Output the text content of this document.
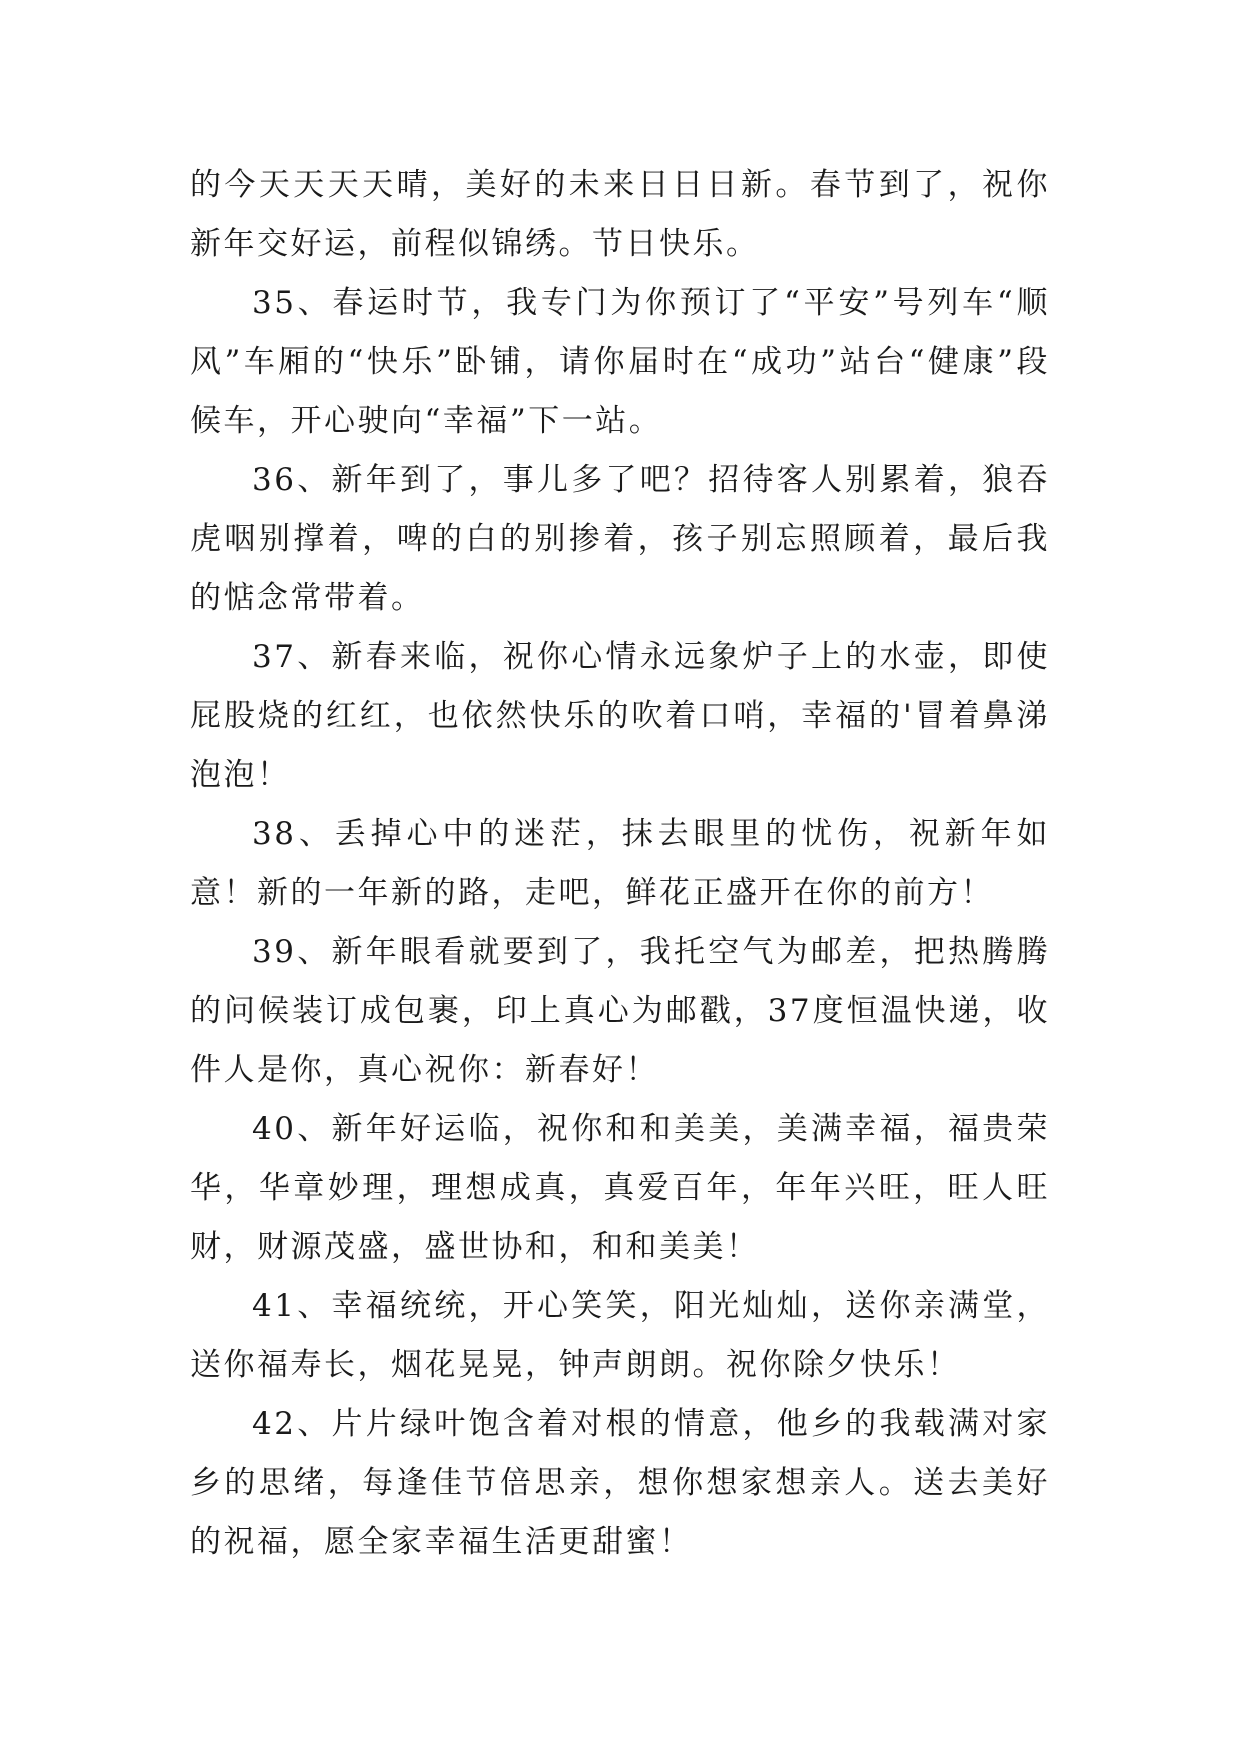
的今天天天天晴，美好的未来日日日新。春节到了，祝你新年交好运，前程似锦绣。节日快乐。

35、春运时节，我专门为你预订了“平安”号列车“顺风”车厢的“快乐”卧铺，请你届时在“成功”站台“健康”段候车，开心驶向“幸福”下一站。

36、新年到了，事儿多了吧？招待客人别累着，狼吞虎咽别撑着，啤的白的别掺着，孩子别忘照顾着，最后我的惦念常带着。

37、新春来临，祝你心情永远象炉子上的水壶，即使屁股烧的红红，也依然快乐的吹着口哨，幸福的'冒着鼻涕泡泡！

38、丢掉心中的迷茫，抹去眼里的忧伤，祝新年如意！新的一年新的路，走吧，鲜花正盛开在你的前方！

39、新年眼看就要到了，我托空气为邮差，把热腾腾的问候装订成包裹，印上真心为邮戳，37度恒温快递，收件人是你，真心祝你：新春好！

40、新年好运临，祝你和和美美，美满幸福，福贵荣华，华章妙理，理想成真，真爱百年，年年兴旺，旺人旺财，财源茂盛，盛世协和，和和美美！

41、幸福统统，开心笑笑，阳光灿灿，送你亲满堂，送你福寿长，烟花晃晃，钟声朗朗。祝你除夕快乐！

42、片片绿叶饱含着对根的情意，他乡的我载满对家乡的思绪，每逢佳节倍思亲，想你想家想亲人。送去美好的祝福，愿全家幸福生活更甜蜜！
